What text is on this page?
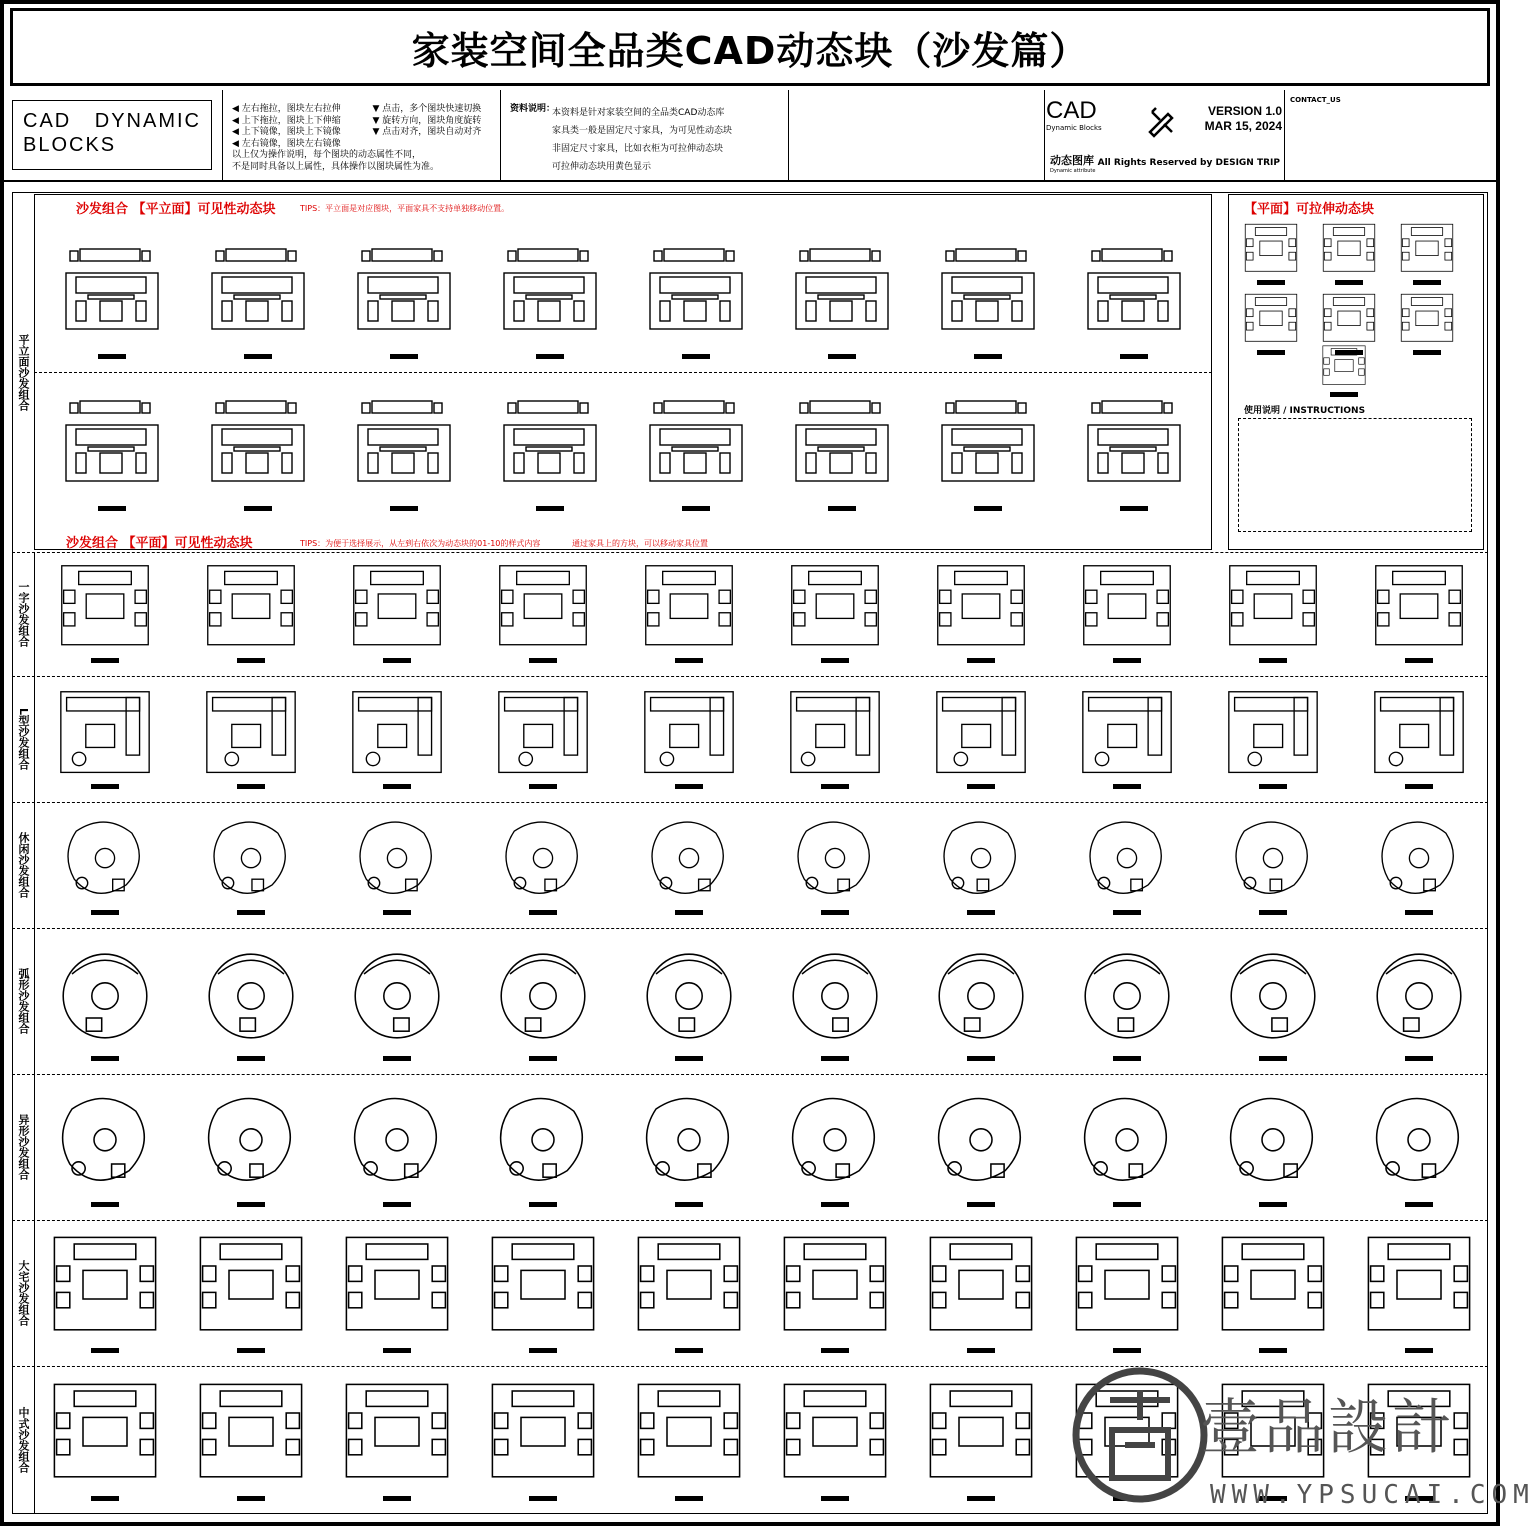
家装空间全品类CAD动态块（沙发篇）
CAD DYNAMIC
BLOCKS
◀ 左右拖拉，图块左右拉伸
◀ 上下拖拉，图块上下伸缩
◀ 上下镜像，图块上下镜像
◀ 左右镜像，图块左右镜像
▼ 点击，多个图块快速切换
▼ 旋转方向，图块角度旋转
▼ 点击对齐，图块自动对齐
以上仅为操作说明，每个图块的动态属性不同，
不是同时具备以上属性，具体操作以图块属性为准。
资料说明：
本资料是针对家装空间的全品类CAD动态库
家具类一般是固定尺寸家具，为可见性动态块
非固定尺寸家具，比如衣柜为可拉伸动态块
可拉伸动态块用黄色显示
CAD
Dynamic Blocks
VERSION 1.0
MAR 15, 2024
动态图库
Dynamic attribute
All Rights Reserved by DESIGN TRIP
CONTACT_US
沙发组合 【平立面】可见性动态块	TIPS：平立面是对应图块，平面家具不支持单独移动位置。
沙发组合 【平面】可见性动态块	TIPS：为便于选择展示，从左到右依次为动态块的01-10的样式内容	通过家具上的方块，可以移动家具位置
【平面】可拉伸动态块
使用说明 / INSTRUCTIONS
平立面沙发组合
一字沙发组合
L型沙发组合
休闲沙发组合
弧形沙发组合
异形沙发组合
大宅沙发组合
中式沙发组合	壹品設計
WWW.YPSUCAI.COM
